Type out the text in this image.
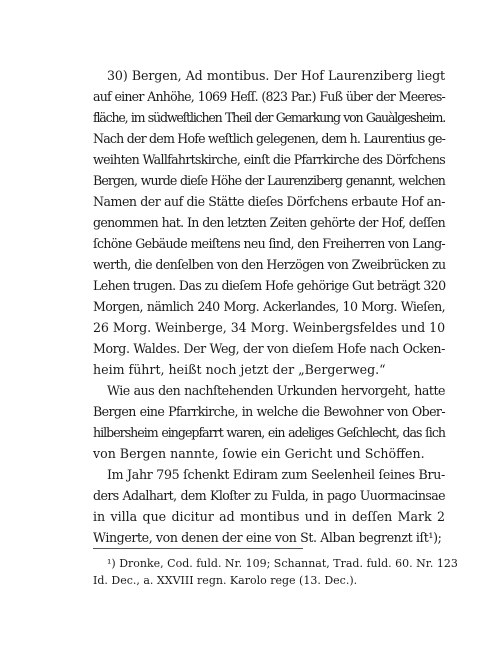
30) Bergen, Ad montibus. Der Hof Laurenziberg liegt
auf einer Anhöhe, 1069 Heſſ. (823 Par.) Fuß über der Meeres-
fläche, im südweſtlichen Theil der Gemarkung von Gauàlgesheim.
Nach der dem Hofe weſtlich gelegenen, dem h. Laurentius ge-
weihten Wallfahrtskirche, einſt die Pfarrkirche des Dörfchens
Bergen, wurde dieſe Höhe der Laurenziberg genannt, welchen
Namen der auf die Stätte dieſes Dörfchens erbaute Hof an-
genommen hat. In den letzten Zeiten gehörte der Hof, deſſen
ſchöne Gebäude meiſtens neu ſind, den Freiherren von Lang-
werth, die denſelben von den Herzögen von Zweibrücken zu
Lehen trugen. Das zu dieſem Hofe gehörige Gut beträgt 320
Morgen, nämlich 240 Morg. Ackerlandes, 10 Morg. Wieſen,
26 Morg. Weinberge, 34 Morg. Weinbergsfeldes und 10
Morg. Waldes. Der Weg, der von dieſem Hofe nach Ocken-
heim führt, heißt noch jetzt der „Bergerweg.“
Wie aus den nachſtehenden Urkunden hervorgeht, hatte
Bergen eine Pfarrkirche, in welche die Bewohner von Ober-
hilbersheim eingepfarrt waren, ein adeliges Geſchlecht, das ſich
von Bergen nannte, ſowie ein Gericht und Schöffen.
Im Jahr 795 ſchenkt Ediram zum Seelenheil ſeines Bru-
ders Adalhart, dem Kloſter zu Fulda, in pago Uuormacinsae
in villa que dicitur ad montibus und in deſſen Mark 2
Wingerte, von denen der eine von St. Alban begrenzt iſt¹);
¹) Dronke, Cod. fuld. Nr. 109; Schannat, Trad. fuld. 60. Nr. 123
Id. Dec., a. XXVIII regn. Karolo rege (13. Dec.).
